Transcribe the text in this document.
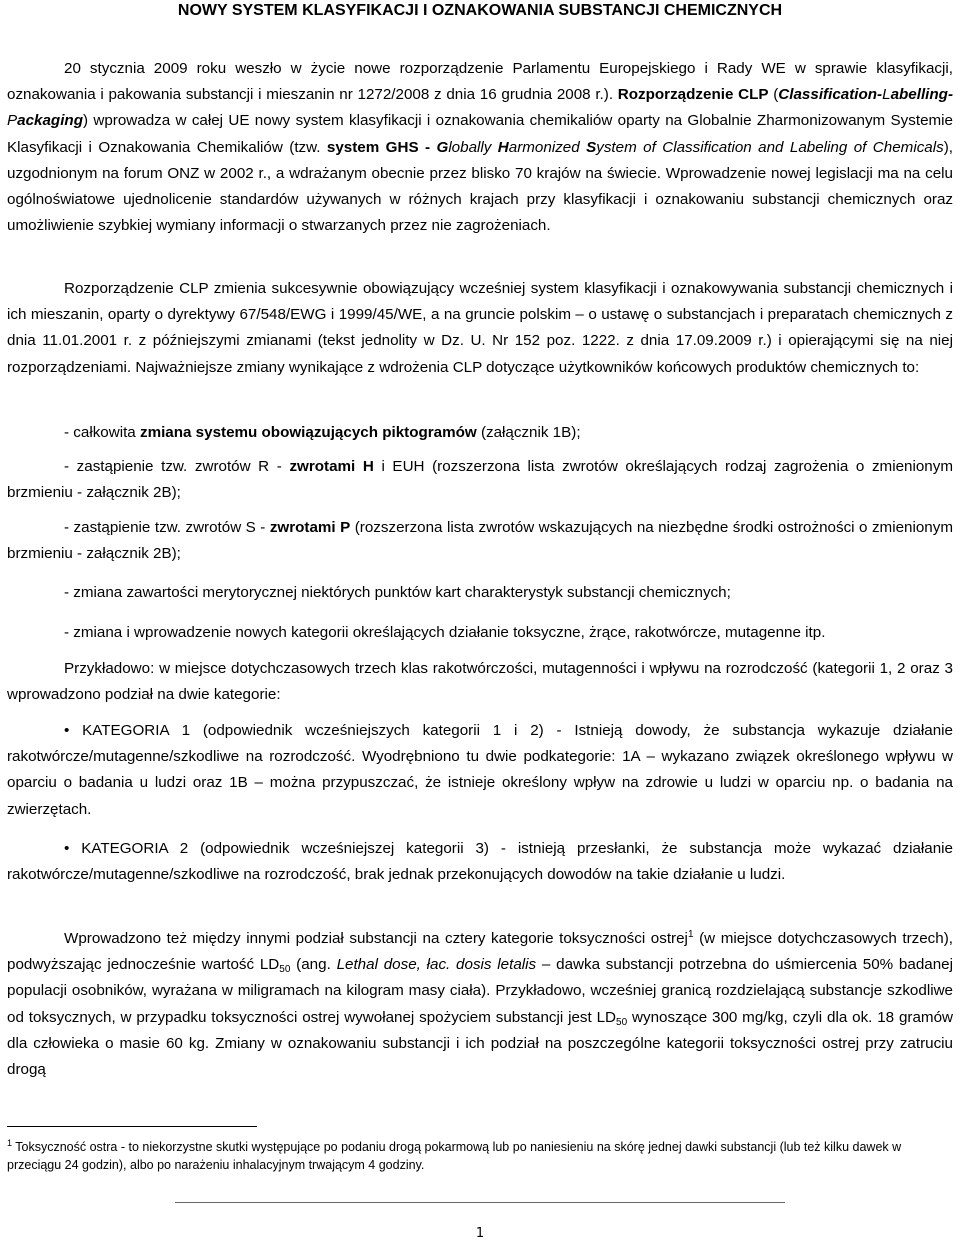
NOWY SYSTEM KLASYFIKACJI I OZNAKOWANIA SUBSTANCJI CHEMICZNYCH

20 stycznia 2009 roku weszło w życie nowe rozporządzenie Parlamentu Europejskiego i Rady WE w sprawie klasyfikacji, oznakowania i pakowania substancji i mieszanin nr 1272/2008 z dnia 16 grudnia 2008 r.). Rozporządzenie CLP (Classification-Labelling-Packaging) wprowadza w całej UE nowy system klasyfikacji i oznakowania chemikaliów oparty na Globalnie Zharmonizowanym Systemie Klasyfikacji i Oznakowania Chemikaliów (tzw. system GHS - Globally Harmonized System of Classification and Labeling of Chemicals), uzgodnionym na forum ONZ w 2002 r., a wdrażanym obecnie przez blisko 70 krajów na świecie. Wprowadzenie nowej legislacji ma na celu ogólnoświatowe ujednolicenie standardów używanych w różnych krajach przy klasyfikacji i oznakowaniu substancji chemicznych oraz umożliwienie szybkiej wymiany informacji o stwarzanych przez nie zagrożeniach.

Rozporządzenie CLP zmienia sukcesywnie obowiązujący wcześniej system klasyfikacji i oznakowywania substancji chemicznych i ich mieszanin, oparty o dyrektywy 67/548/EWG i 1999/45/WE, a na gruncie polskim – o ustawę o substancjach i preparatach chemicznych z dnia 11.01.2001 r. z późniejszymi zmianami (tekst jednolity w Dz. U. Nr 152 poz. 1222. z dnia 17.09.2009 r.) i opierającymi się na niej rozporządzeniami. Najważniejsze zmiany wynikające z wdrożenia CLP dotyczące użytkowników końcowych produktów chemicznych to:

- całkowita zmiana systemu obowiązujących piktogramów (załącznik 1B);

- zastąpienie tzw. zwrotów R - zwrotami H i EUH (rozszerzona lista zwrotów określających rodzaj zagrożenia o zmienionym brzmieniu - załącznik 2B);

- zastąpienie tzw. zwrotów S - zwrotami P (rozszerzona lista zwrotów wskazujących na niezbędne środki ostrożności o zmienionym brzmieniu - załącznik 2B);

- zmiana zawartości merytorycznej niektórych punktów kart charakterystyk substancji chemicznych;

- zmiana i wprowadzenie nowych kategorii określających działanie toksyczne, żrące, rakotwórcze, mutagenne itp.

Przykładowo: w miejsce dotychczasowych trzech klas rakotwórczości, mutagenności i wpływu na rozrodczość (kategorii 1, 2 oraz 3 wprowadzono podział na dwie kategorie:

• KATEGORIA 1 (odpowiednik wcześniejszych kategorii 1 i 2) - Istnieją dowody, że substancja wykazuje działanie rakotwórcze/mutagenne/szkodliwe na rozrodczość. Wyodrębniono tu dwie podkategorie: 1A – wykazano związek określonego wpływu w oparciu o badania u ludzi oraz 1B – można przypuszczać, że istnieje określony wpływ na zdrowie u ludzi w oparciu np. o badania na zwierzętach.

• KATEGORIA 2 (odpowiednik wcześniejszej kategorii 3) - istnieją przesłanki, że substancja może wykazać działanie rakotwórcze/mutagenne/szkodliwe na rozrodczość, brak jednak przekonujących dowodów na takie działanie u ludzi.

Wprowadzono też między innymi podział substancji na cztery kategorie toksyczności ostrej$^1$ (w miejsce dotychczasowych trzech), podwyższając jednocześnie wartość $LD_{50}$ (ang. Lethal dose, łac. dosis letalis – dawka substancji potrzebna do uśmiercenia 50% badanej populacji osobników, wyrażana w miligramach na kilogram masy ciała). Przykładowo, wcześniej granicą rozdzielającą substancje szkodliwe od toksycznych, w przypadku toksyczności ostrej wywołanej spożyciem substancji jest $LD_{50}$ wynoszące 300 mg/kg, czyli dla ok. 18 gramów dla człowieka o masie 60 kg. Zmiany w oznakowaniu substancji i ich podział na poszczególne kategorii toksyczności ostrej przy zatruciu drogą

$^1$ Toksyczność ostra - to niekorzystne skutki występujące po podaniu drogą pokarmową lub po naniesieniu na skórę jednej dawki substancji (lub też kilku dawek w przeciągu 24 godzin), albo po narażeniu inhalacyjnym trwającym 4 godziny.

1
